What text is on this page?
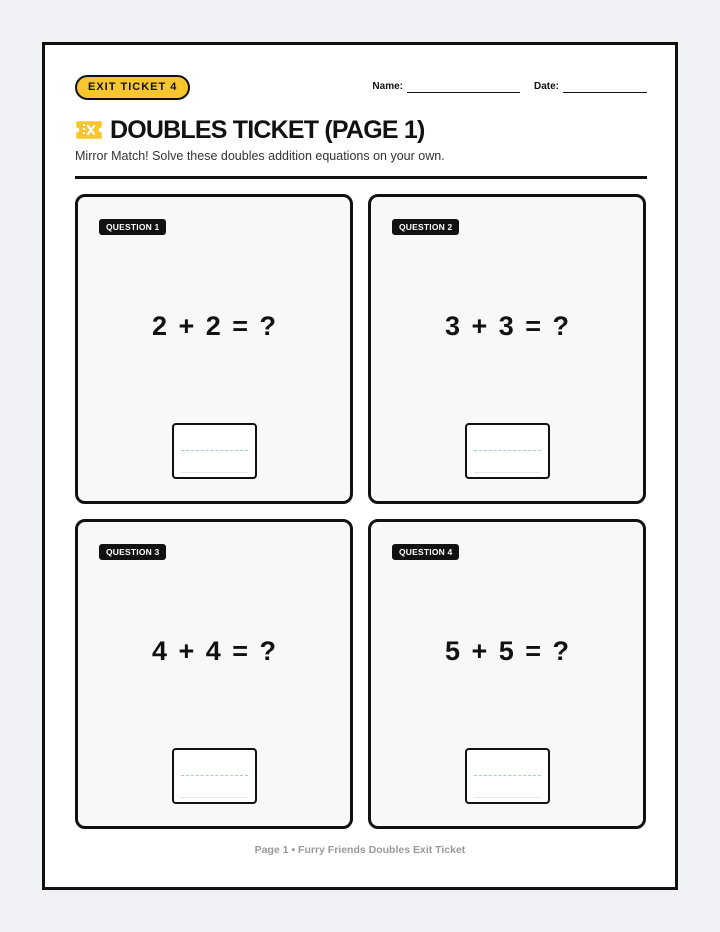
EXIT TICKET 4	Name:	Date:
DOUBLES TICKET (PAGE 1)

Mirror Match! Solve these doubles addition equations on your own.

QUESTION 1
2 + 2 = ?
QUESTION 2
3 + 3 = ?
QUESTION 3
4 + 4 = ?
QUESTION 4
5 + 5 = ?
Page 1 • Furry Friends Doubles Exit Ticket
